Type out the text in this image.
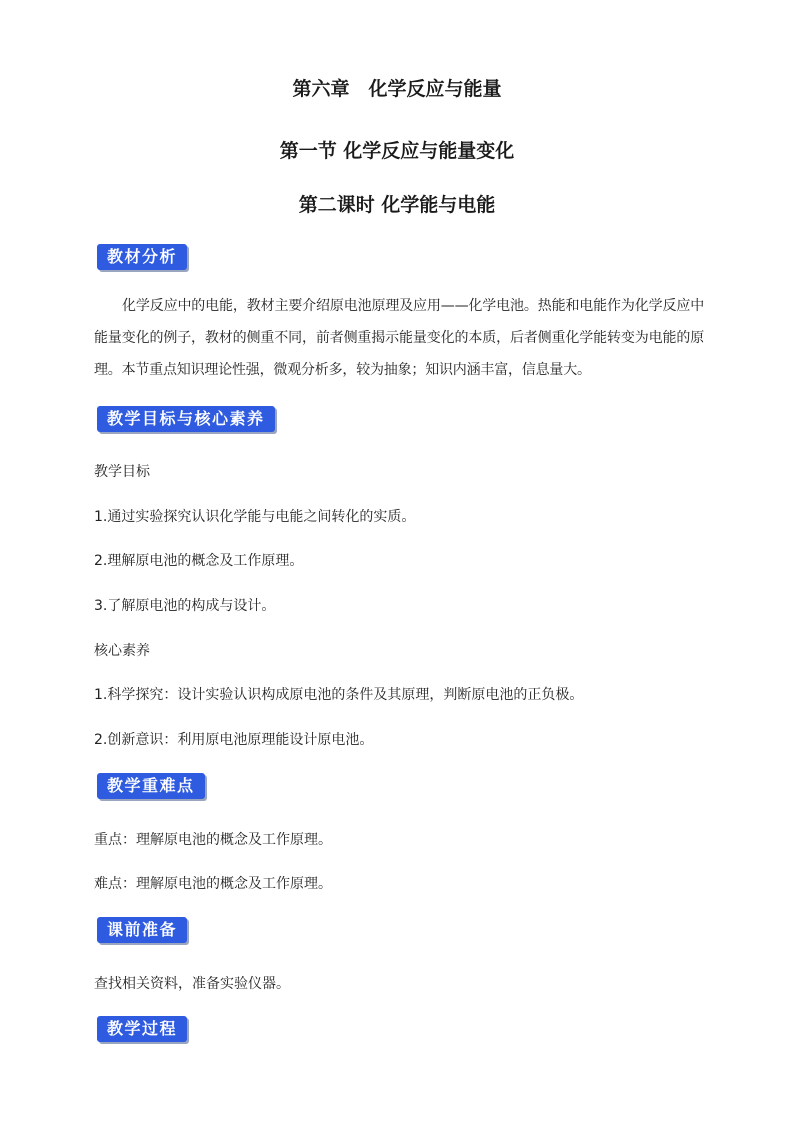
第六章　化学反应与能量
第一节 化学反应与能量变化
第二课时 化学能与电能
教材分析

化学反应中的电能，教材主要介绍原电池原理及应用——化学电池。热能和电能作为化学反应中能量变化的例子，教材的侧重不同，前者侧重揭示能量变化的本质，后者侧重化学能转变为电能的原理。本节重点知识理论性强，微观分析多，较为抽象；知识内涵丰富，信息量大。

教学目标与核心素养

教学目标

1.通过实验探究认识化学能与电能之间转化的实质。

2.理解原电池的概念及工作原理。

3.了解原电池的构成与设计。

核心素养

1.科学探究：设计实验认识构成原电池的条件及其原理，判断原电池的正负极。

2.创新意识：利用原电池原理能设计原电池。

教学重难点

重点：理解原电池的概念及工作原理。

难点：理解原电池的概念及工作原理。

课前准备

查找相关资料，准备实验仪器。

教学过程
